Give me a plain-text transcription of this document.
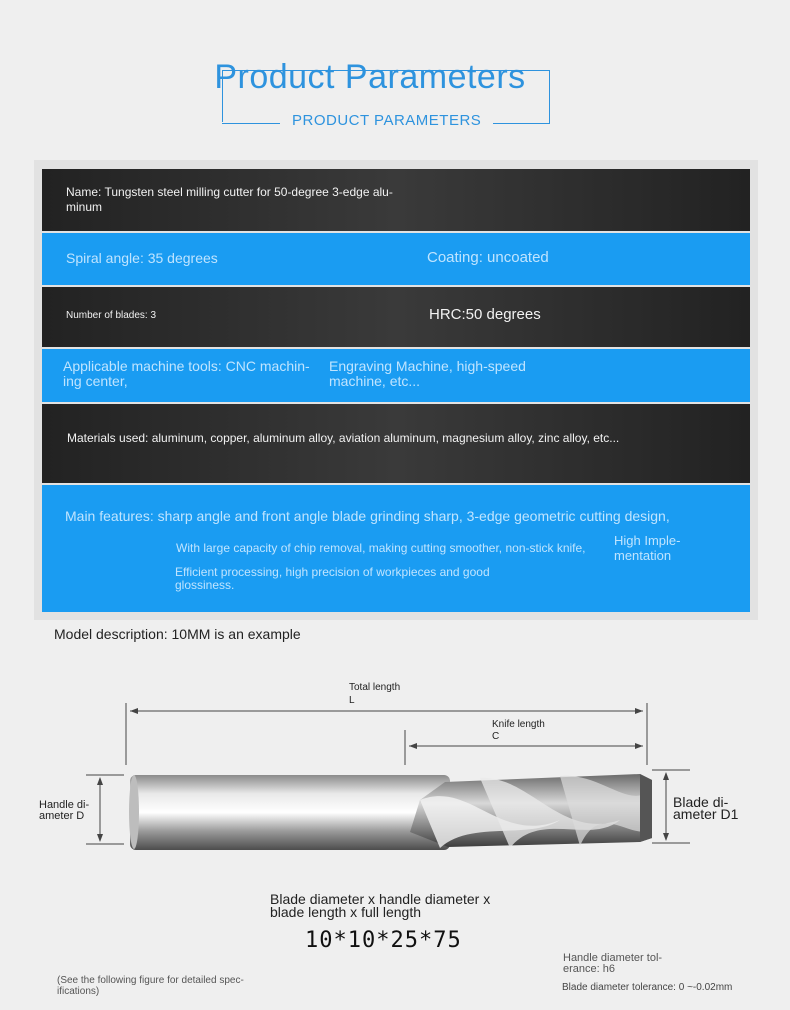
Product Parameters
PRODUCT PARAMETERS
Name: Tungsten steel milling cutter for 50-degree 3-edge alu-
minum
Spiral angle: 35 degrees	Coating: uncoated
Number of blades: 3	HRC:50 degrees
Applicable machine tools: CNC machin-
ing center,
Engraving Machine, high-speed
machine, etc...
Materials used: aluminum, copper, aluminum alloy, aviation aluminum, magnesium alloy, zinc alloy, etc...
Main features: sharp angle and front angle blade grinding sharp, 3-edge geometric cutting design,
With large capacity of chip removal, making cutting smoother, non-stick knife, High Imple-
mentation
Efficient processing, high precision of workpieces and good
glossiness.
Model description: 10MM is an example
Total length
L
Knife length
C
Handle di-
ameter D
Blade di-
ameter D1
Blade diameter x handle diameter x
blade length x full length
10*10*25*75
(See the following figure for detailed spec-
ifications)
Handle diameter tol-
erance: h6
Blade diameter tolerance: 0 ~-0.02mm
